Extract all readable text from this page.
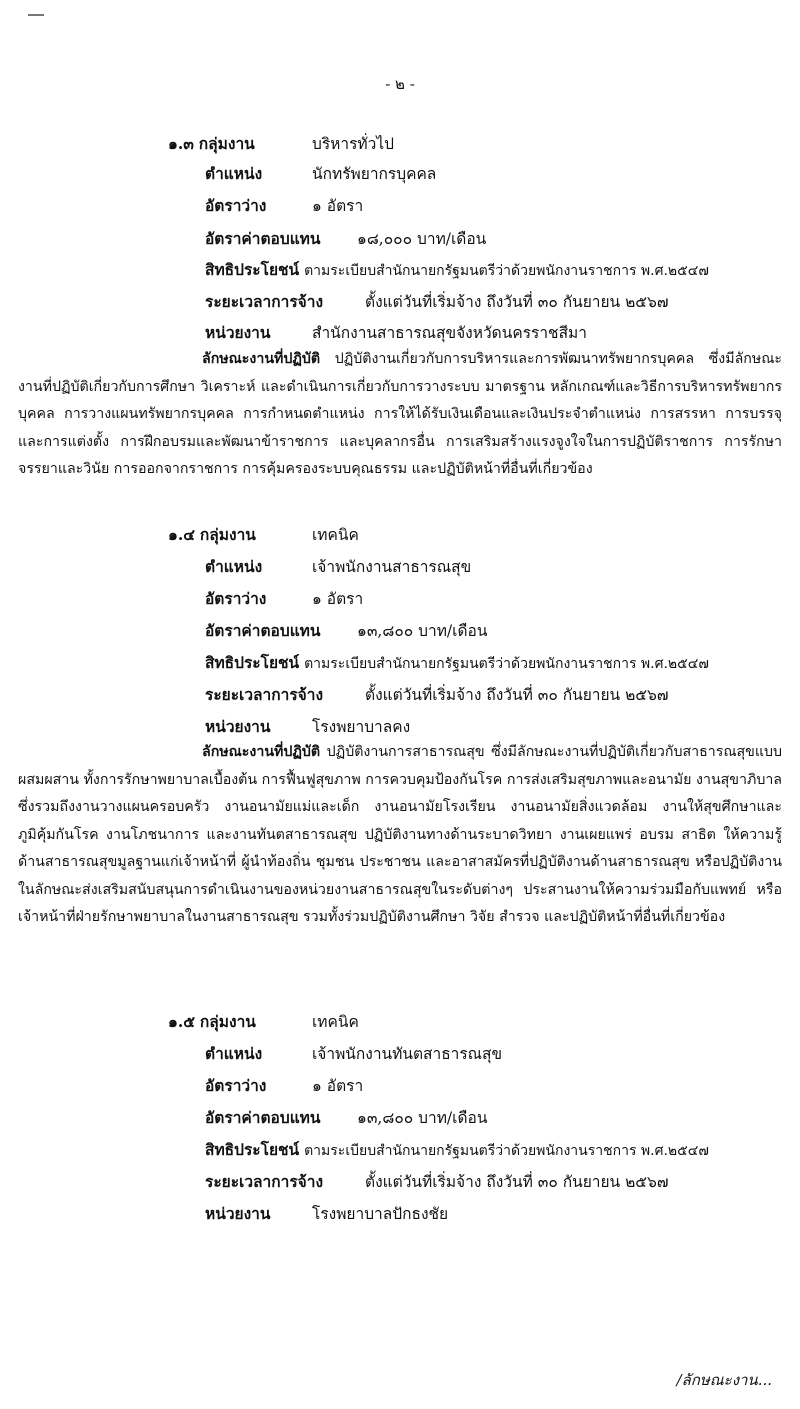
- ๒ -
๑.๓ กลุ่มงาน	บริหารทั่วไป
ตำแหน่ง	นักทรัพยากรบุคคล
อัตราว่าง	๑ อัตรา
อัตราค่าตอบแทน ๑๘,๐๐๐ บาท/เดือน
สิทธิประโยชน์ ตามระเบียบสำนักนายกรัฐมนตรีว่าด้วยพนักงานราชการ พ.ศ.๒๕๔๗
ระยะเวลาการจ้าง	ตั้งแต่วันที่เริ่มจ้าง ถึงวันที่ ๓๐ กันยายน ๒๕๖๗
หน่วยงาน	สำนักงานสาธารณสุขจังหวัดนครราชสีมา
ลักษณะงานที่ปฏิบัติ ปฏิบัติงานเกี่ยวกับการบริหารและการพัฒนาทรัพยากรบุคคล ซึ่งมีลักษณะงานที่ปฏิบัติเกี่ยวกับการศึกษา วิเคราะห์ และดำเนินการเกี่ยวกับการวางระบบ มาตรฐาน หลักเกณฑ์และวิธีการบริหารทรัพยากรบุคคล การวางแผนทรัพยากรบุคคล การกำหนดตำแหน่ง การให้ได้รับเงินเดือนและเงินประจำตำแหน่ง การสรรหา การบรรจุ และการแต่งตั้ง การฝึกอบรมและพัฒนาข้าราชการ และบุคลากรอื่น การเสริมสร้างแรงจูงใจในการปฏิบัติราชการ การรักษาจรรยาและวินัย การออกจากราชการ การคุ้มครองระบบคุณธรรม และปฏิบัติหน้าที่อื่นที่เกี่ยวข้อง
๑.๔ กลุ่มงาน	เทคนิค
ตำแหน่ง	เจ้าพนักงานสาธารณสุข
อัตราว่าง	๑ อัตรา
อัตราค่าตอบแทน ๑๓,๘๐๐ บาท/เดือน
สิทธิประโยชน์ ตามระเบียบสำนักนายกรัฐมนตรีว่าด้วยพนักงานราชการ พ.ศ.๒๕๔๗
ระยะเวลาการจ้าง	ตั้งแต่วันที่เริ่มจ้าง ถึงวันที่ ๓๐ กันยายน ๒๕๖๗
หน่วยงาน	โรงพยาบาลคง
ลักษณะงานที่ปฏิบัติ ปฏิบัติงานการสาธารณสุข ซึ่งมีลักษณะงานที่ปฏิบัติเกี่ยวกับสาธารณสุขแบบผสมผสาน ทั้งการรักษาพยาบาลเบื้องต้น การฟื้นฟูสุขภาพ การควบคุมป้องกันโรค การส่งเสริมสุขภาพและอนามัย งานสุขาภิบาล ซึ่งรวมถึงงานวางแผนครอบครัว งานอนามัยแม่และเด็ก งานอนามัยโรงเรียน งานอนามัยสิ่งแวดล้อม งานให้สุขศึกษาและภูมิคุ้มกันโรค งานโภชนาการ และงานทันตสาธารณสุข ปฏิบัติงานทางด้านระบาดวิทยา งานเผยแพร่ อบรม สาธิต ให้ความรู้ด้านสาธารณสุขมูลฐานแก่เจ้าหน้าที่ ผู้นำท้องถิ่น ชุมชน ประชาชน และอาสาสมัครที่ปฏิบัติงานด้านสาธารณสุข หรือปฏิบัติงานในลักษณะส่งเสริมสนับสนุนการดำเนินงานของหน่วยงานสาธารณสุขในระดับต่างๆ ประสานงานให้ความร่วมมือกับแพทย์ หรือเจ้าหน้าที่ฝ่ายรักษาพยาบาลในงานสาธารณสุข รวมทั้งร่วมปฏิบัติงานศึกษา วิจัย สำรวจ และปฏิบัติหน้าที่อื่นที่เกี่ยวข้อง
๑.๕ กลุ่มงาน	เทคนิค
ตำแหน่ง	เจ้าพนักงานทันตสาธารณสุข
อัตราว่าง	๑ อัตรา
อัตราค่าตอบแทน ๑๓,๘๐๐ บาท/เดือน
สิทธิประโยชน์ ตามระเบียบสำนักนายกรัฐมนตรีว่าด้วยพนักงานราชการ พ.ศ.๒๕๔๗
ระยะเวลาการจ้าง	ตั้งแต่วันที่เริ่มจ้าง ถึงวันที่ ๓๐ กันยายน ๒๕๖๗
หน่วยงาน	โรงพยาบาลปักธงชัย
/ลักษณะงาน...
